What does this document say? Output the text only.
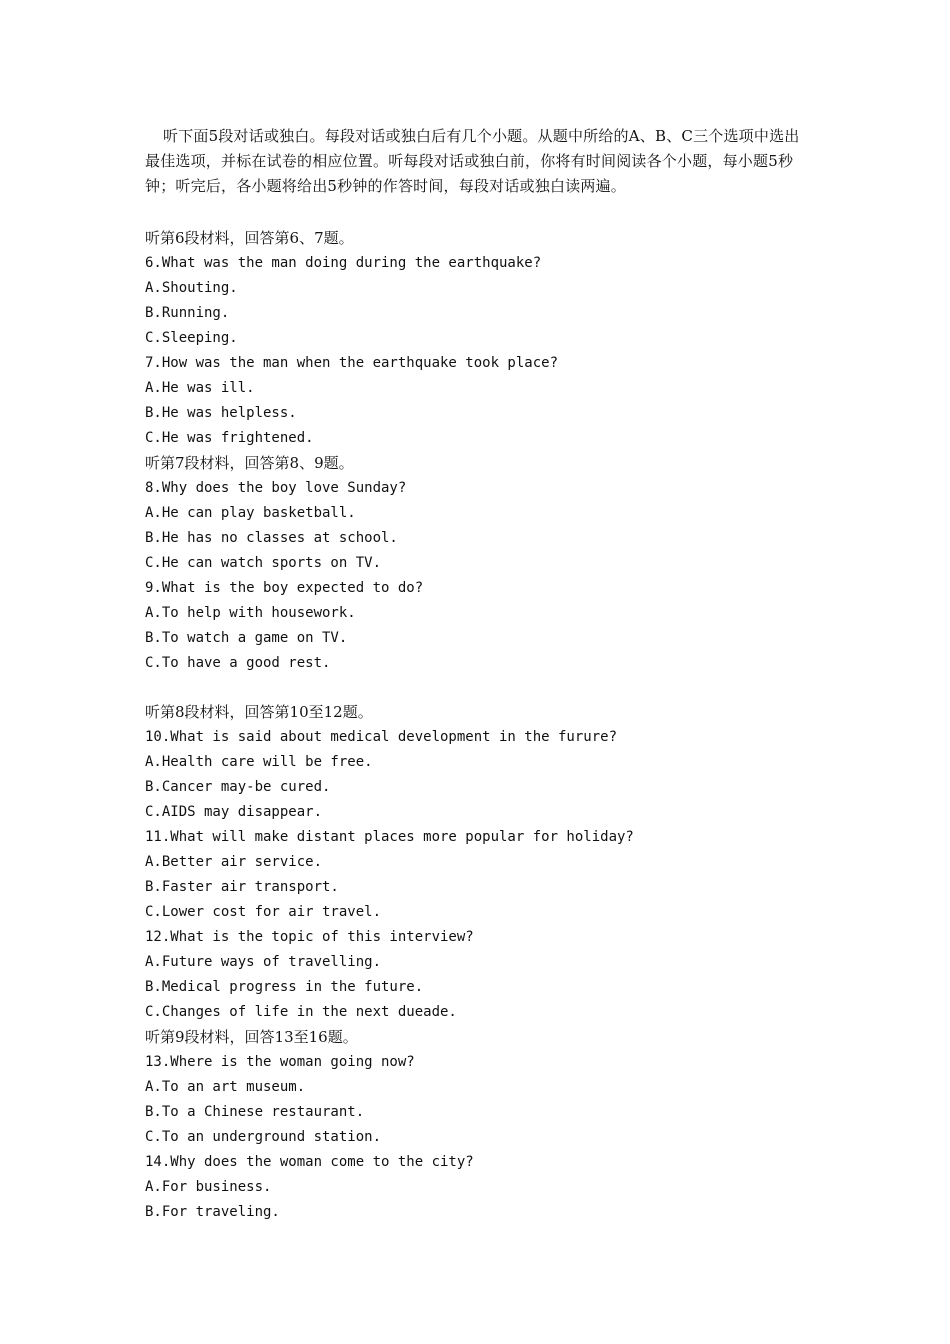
听下面5段对话或独白。每段对话或独白后有几个小题。从题中所给的A、B、C三个选项中选出最佳选项，并标在试卷的相应位置。听每段对话或独白前，你将有时间阅读各个小题，每小题5秒钟；听完后，各小题将给出5秒钟的作答时间，每段对话或独白读两遍。
听第6段材料，回答第6、7题。
6.What was the man doing during the earthquake?
A.Shouting.
B.Running.
C.Sleeping.
7.How was the man when the earthquake took place?
A.He was ill.
B.He was helpless.
C.He was frightened.
听第7段材料，回答第8、9题。
8.Why does the boy love Sunday?
A.He can play basketball.
B.He has no classes at school.
C.He can watch sports on TV.
9.What is the boy expected to do?
A.To help with housework.
B.To watch a game on TV.
C.To have a good rest.
听第8段材料，回答第10至12题。
10.What is said about medical development in the furure?
A.Health care will be free.
B.Cancer may-be cured.
C.AIDS may disappear.
11.What will make distant places more popular for holiday?
A.Better air service.
B.Faster air transport.
C.Lower cost for air travel.
12.What is the topic of this interview?
A.Future ways of travelling.
B.Medical progress in the future.
C.Changes of life in the next dueade.
听第9段材料，回答13至16题。
13.Where is the woman going now?
A.To an art museum.
B.To a Chinese restaurant.
C.To an underground station.
14.Why does the woman come to the city?
A.For business.
B.For traveling.
